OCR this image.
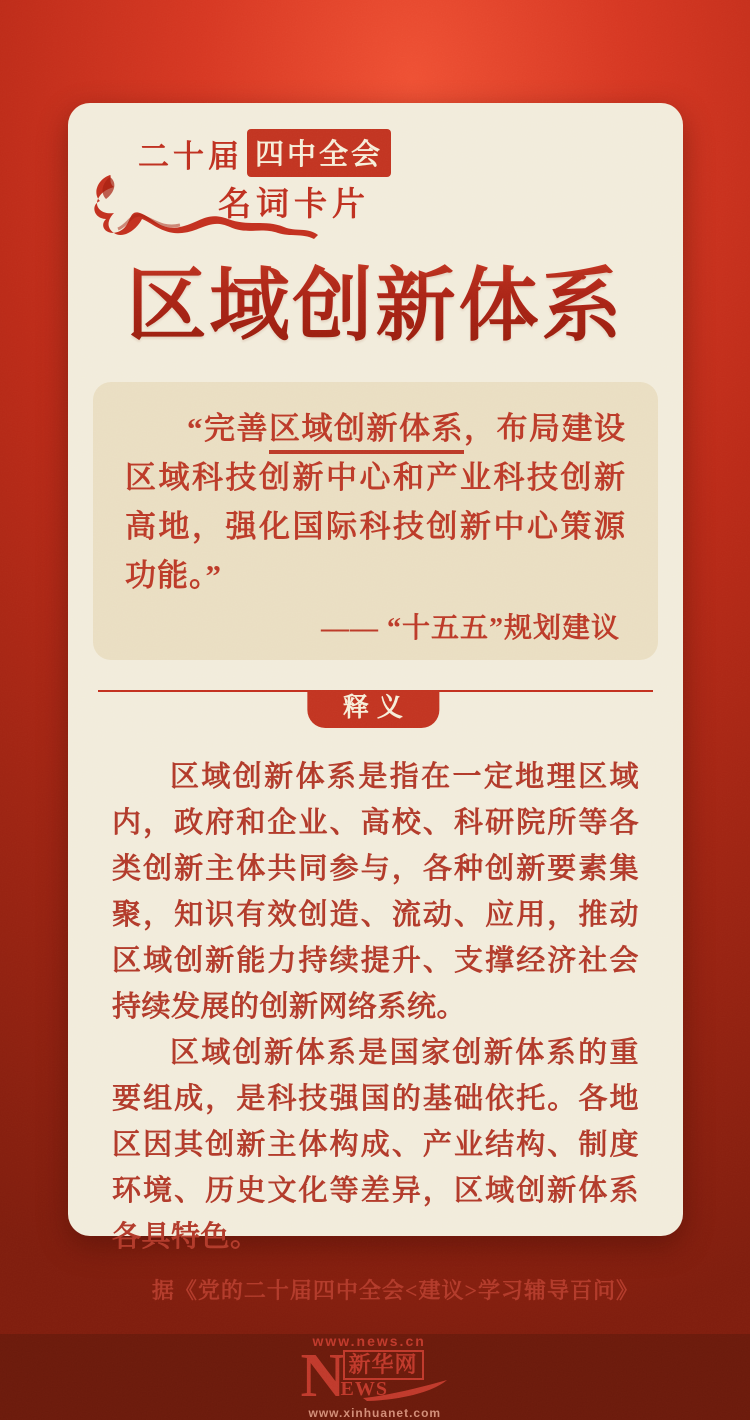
二十届 四中全会
名词卡片
区域创新体系

“完善区域创新体系，布局建设区域科技创新中心和产业科技创新高地，强化国际科技创新中心策源功能。”

—— “十五五”规划建议
释义

区域创新体系是指在一定地理区域内，政府和企业、高校、科研院所等各类创新主体共同参与，各种创新要素集聚，知识有效创造、流动、应用，推动区域创新能力持续提升、支撑经济社会持续发展的创新网络系统。

区域创新体系是国家创新体系的重要组成，是科技强国的基础依托。各地区因其创新主体构成、产业结构、制度环境、历史文化等差异，区域创新体系各具特色。

据《党的二十届四中全会<建议>学习辅导百问》
www.news.cn
N 新华网
EWS
www.xinhuanet.com
